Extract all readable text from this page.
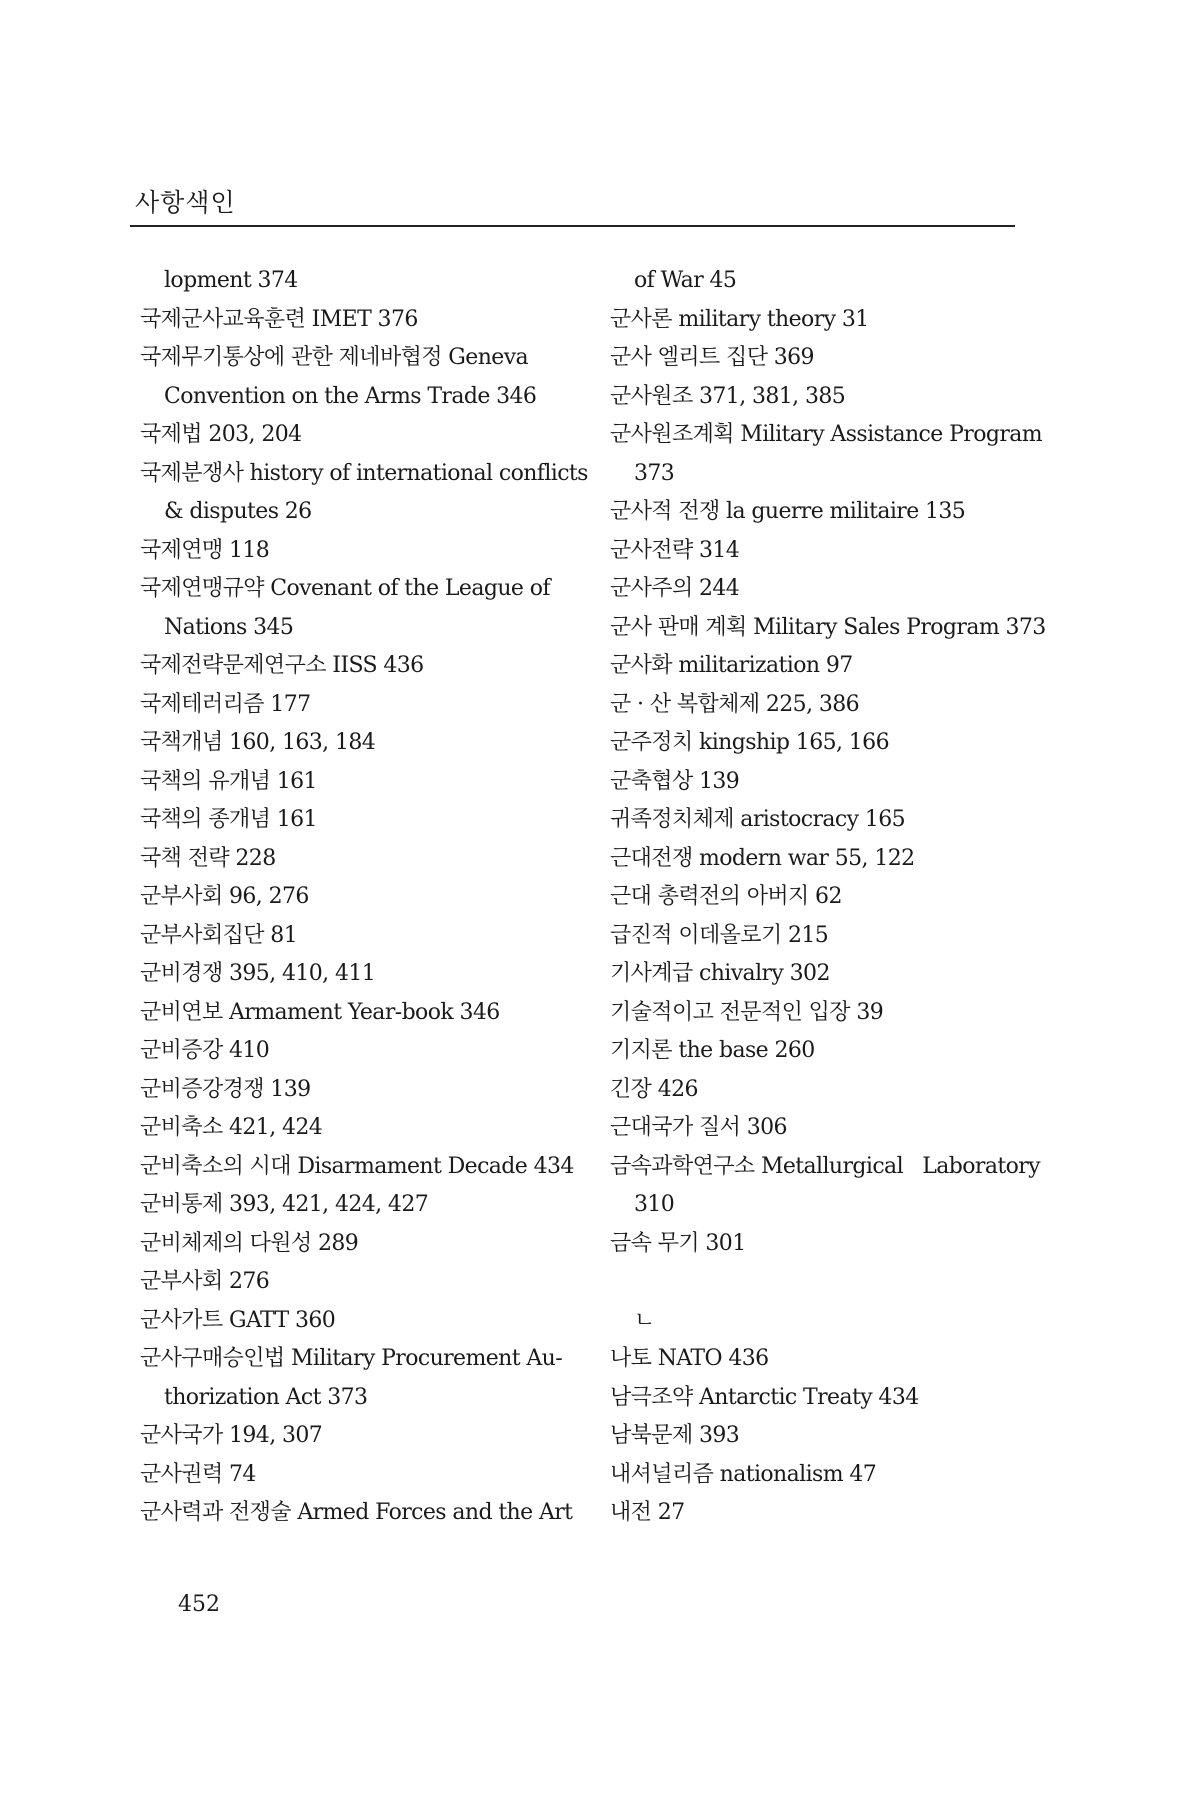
사항색인
lopment 374
국제군사교육훈련 IMET 376
국제무기통상에 관한 제네바협정 Geneva
Convention on the Arms Trade 346
국제법 203, 204
국제분쟁사 history of international conflicts
& disputes 26
국제연맹 118
국제연맹규약 Covenant of the League of
Nations 345
국제전략문제연구소 IISS 436
국제테러리즘 177
국책개념 160, 163, 184
국책의 유개념 161
국책의 종개념 161
국책 전략 228
군부사회 96, 276
군부사회집단 81
군비경쟁 395, 410, 411
군비연보 Armament Year-book 346
군비증강 410
군비증강경쟁 139
군비축소 421, 424
군비축소의 시대 Disarmament Decade 434
군비통제 393, 421, 424, 427
군비체제의 다원성 289
군부사회 276
군사가트 GATT 360
군사구매승인법 Military Procurement Au-
thorization Act 373
군사국가 194, 307
군사권력 74
군사력과 전쟁술 Armed Forces and the Art
of War 45
군사론 military theory 31
군사 엘리트 집단 369
군사원조 371, 381, 385
군사원조계획 Military Assistance Program
373
군사적 전쟁 la guerre militaire 135
군사전략 314
군사주의 244
군사 판매 계획 Military Sales Program 373
군사화 militarization 97
군 · 산 복합체제 225, 386
군주정치 kingship 165, 166
군축협상 139
귀족정치체제 aristocracy 165
근대전쟁 modern war 55, 122
근대 총력전의 아버지 62
급진적 이데올로기 215
기사계급 chivalry 302
기술적이고 전문적인 입장 39
기지론 the base 260
긴장 426
근대국가 질서 306
금속과학연구소 Metallurgical Laboratory
310
금속 무기 301
ㄴ
나토 NATO 436
남극조약 Antarctic Treaty 434
남북문제 393
내셔널리즘 nationalism 47
내전 27
452
